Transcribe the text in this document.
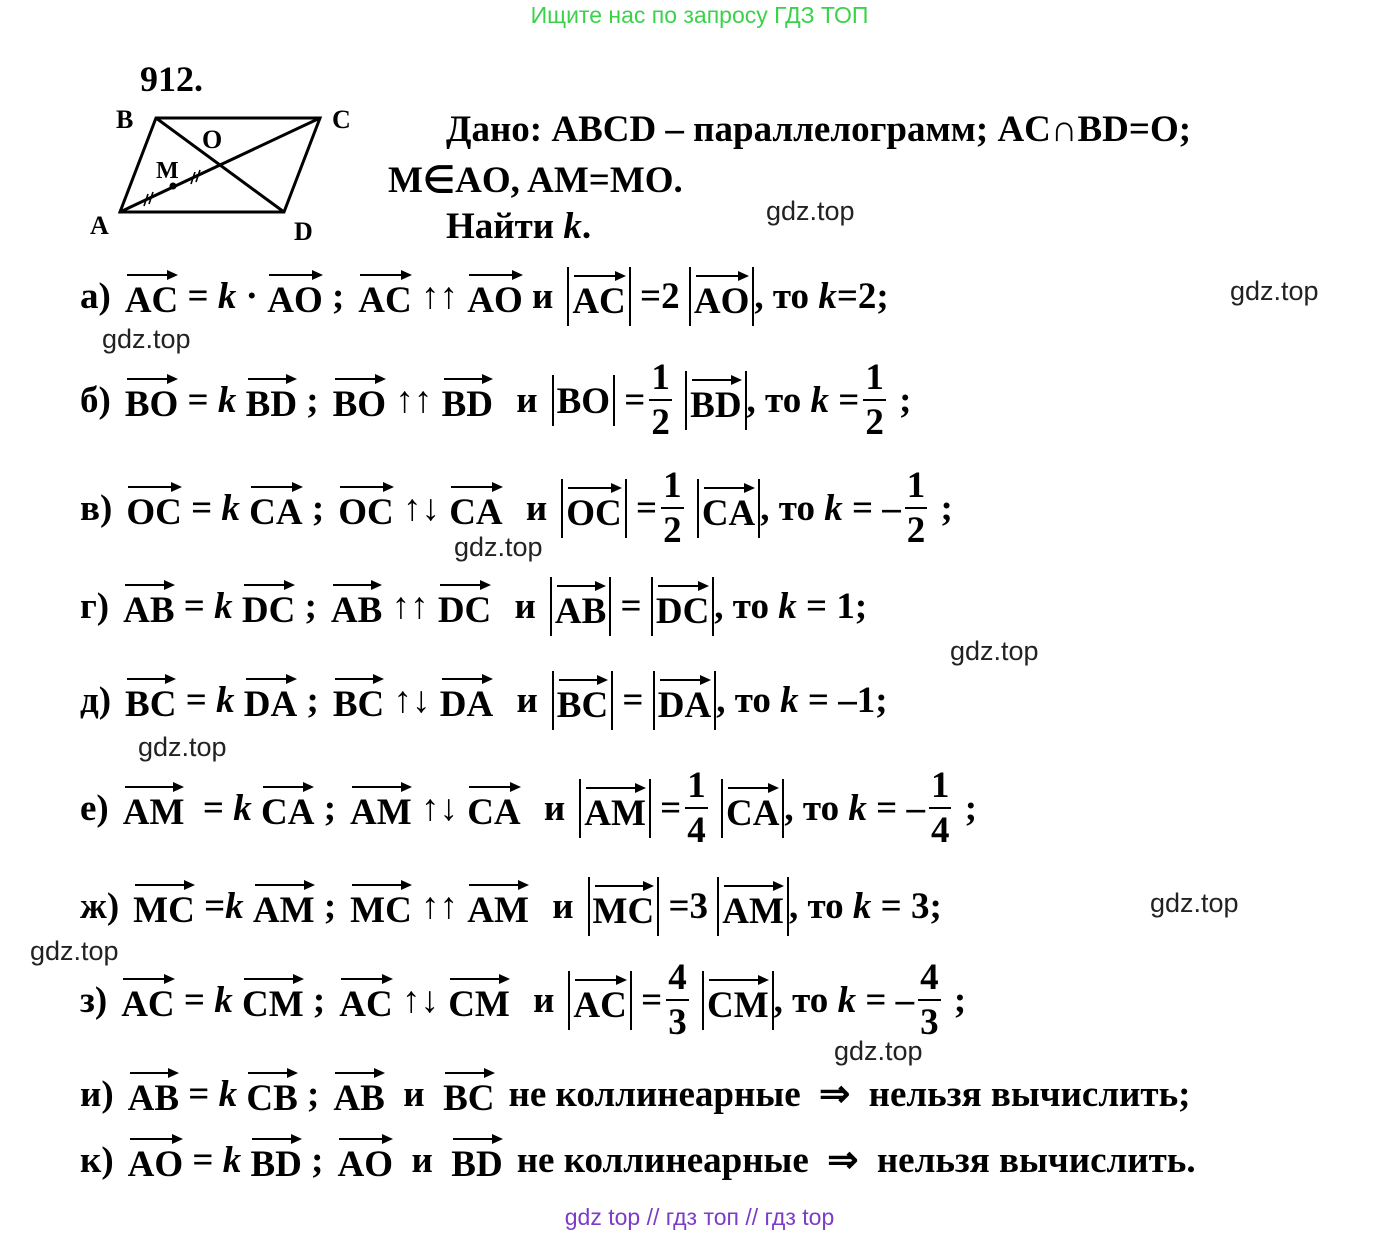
Ищите нас по запросу ГДЗ ТОП
912.
A
B	C
D
O
M
Дано: ABCD – параллелограмм; AC∩BD=O;
M∈AO, AM=MO.
Найти k.
а) AC = k · AO ; AC ↑↑ AO
и AC =2 AO , то
k =2;
б) BO = k
BD ; BO ↑↑ BD
и BO = $\frac{1}{2}$
BD , то
$k = \frac{1}{2}$ ;
в) OC = k
CA ; OC ↑↓ CA
и OC = $\frac{1}{2}$
CA , то
k = – $\frac{1}{2}$ ;
г) AB = k
DC ; AB ↑↑ DC
и AB = DC , то
k = 1;
д) BC = k
DA ; BC ↑↓ DA
и BC = DA , то
k = –1;
е) AM = k
CA ; AM ↑↓ CA
и AM = $\frac{1}{4}$
CA , то
k = – $\frac{1}{4}$ ;
ж) MC = k
AM ; MC ↑↑ AM
и MC =3 AM , то
k = 3;
з) AC = k
CM ; AC ↑↓ CM
и AC = $\frac{4}{3}$
CM , то
k = – $\frac{4}{3}$ ;
и) AB = k
CB ; AB
и
BC не коллинеарные ⇒ нельзя вычислить;
к) AO = k
BD ; AO
и
BD не коллинеарные ⇒ нельзя вычислить.
gdz.top
gdz.top
gdz.top
gdz.top
gdz.top
gdz.top
gdz.top
gdz.top
gdz.top
gdz top // гдз топ // гдз top
